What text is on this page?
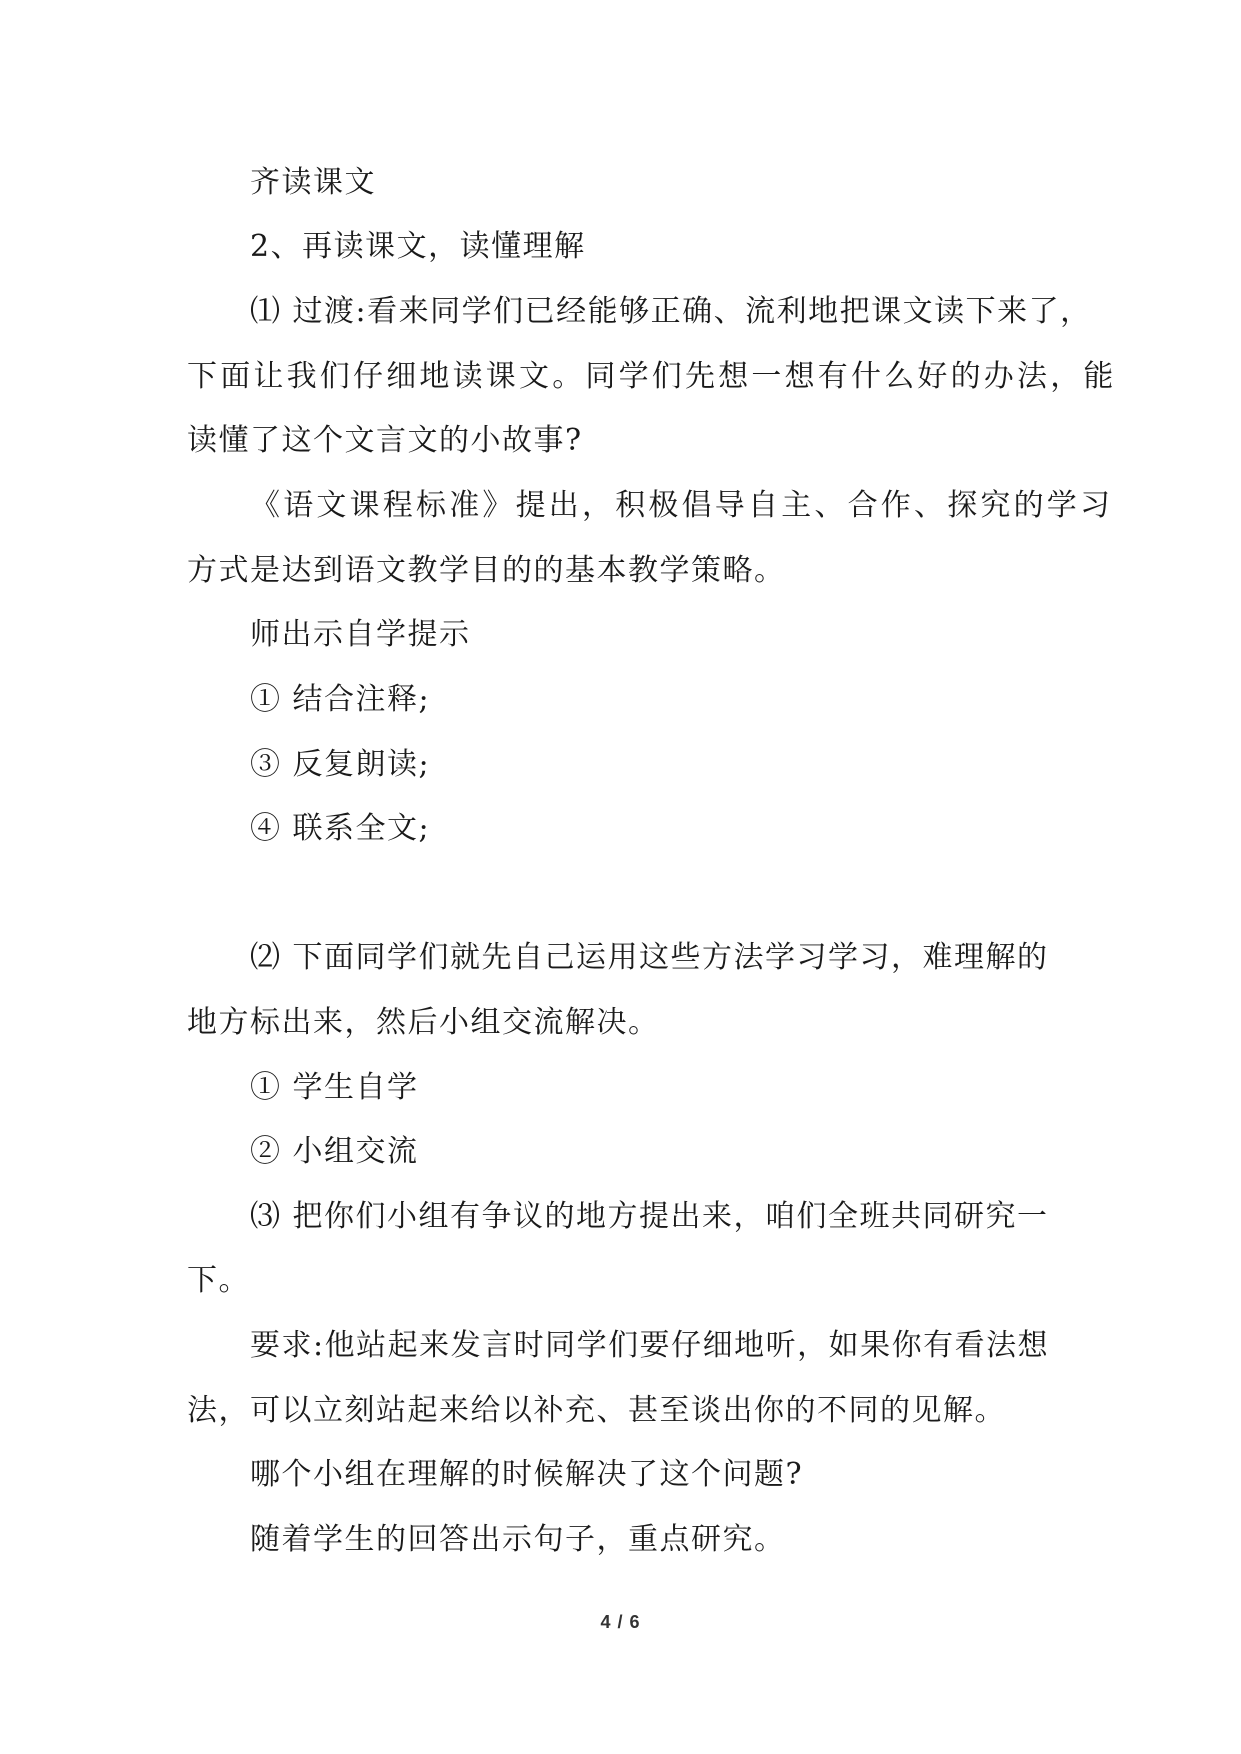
齐读课文
2、再读课文，读懂理解
⑴ 过渡:看来同学们已经能够正确、流利地把课文读下来了，
下面让我们仔细地读课文。同学们先想一想有什么好的办法，能
读懂了这个文言文的小故事?
《语文课程标准》提出，积极倡导自主、合作、探究的学习
方式是达到语文教学目的的基本教学策略。
师出示自学提示
① 结合注释;
③ 反复朗读;
④ 联系全文;
⑵ 下面同学们就先自己运用这些方法学习学习，难理解的
地方标出来，然后小组交流解决。
① 学生自学
② 小组交流
⑶ 把你们小组有争议的地方提出来，咱们全班共同研究一
下。
要求:他站起来发言时同学们要仔细地听，如果你有看法想
法，可以立刻站起来给以补充、甚至谈出你的不同的见解。
哪个小组在理解的时候解决了这个问题?
随着学生的回答出示句子，重点研究。
4 / 6
